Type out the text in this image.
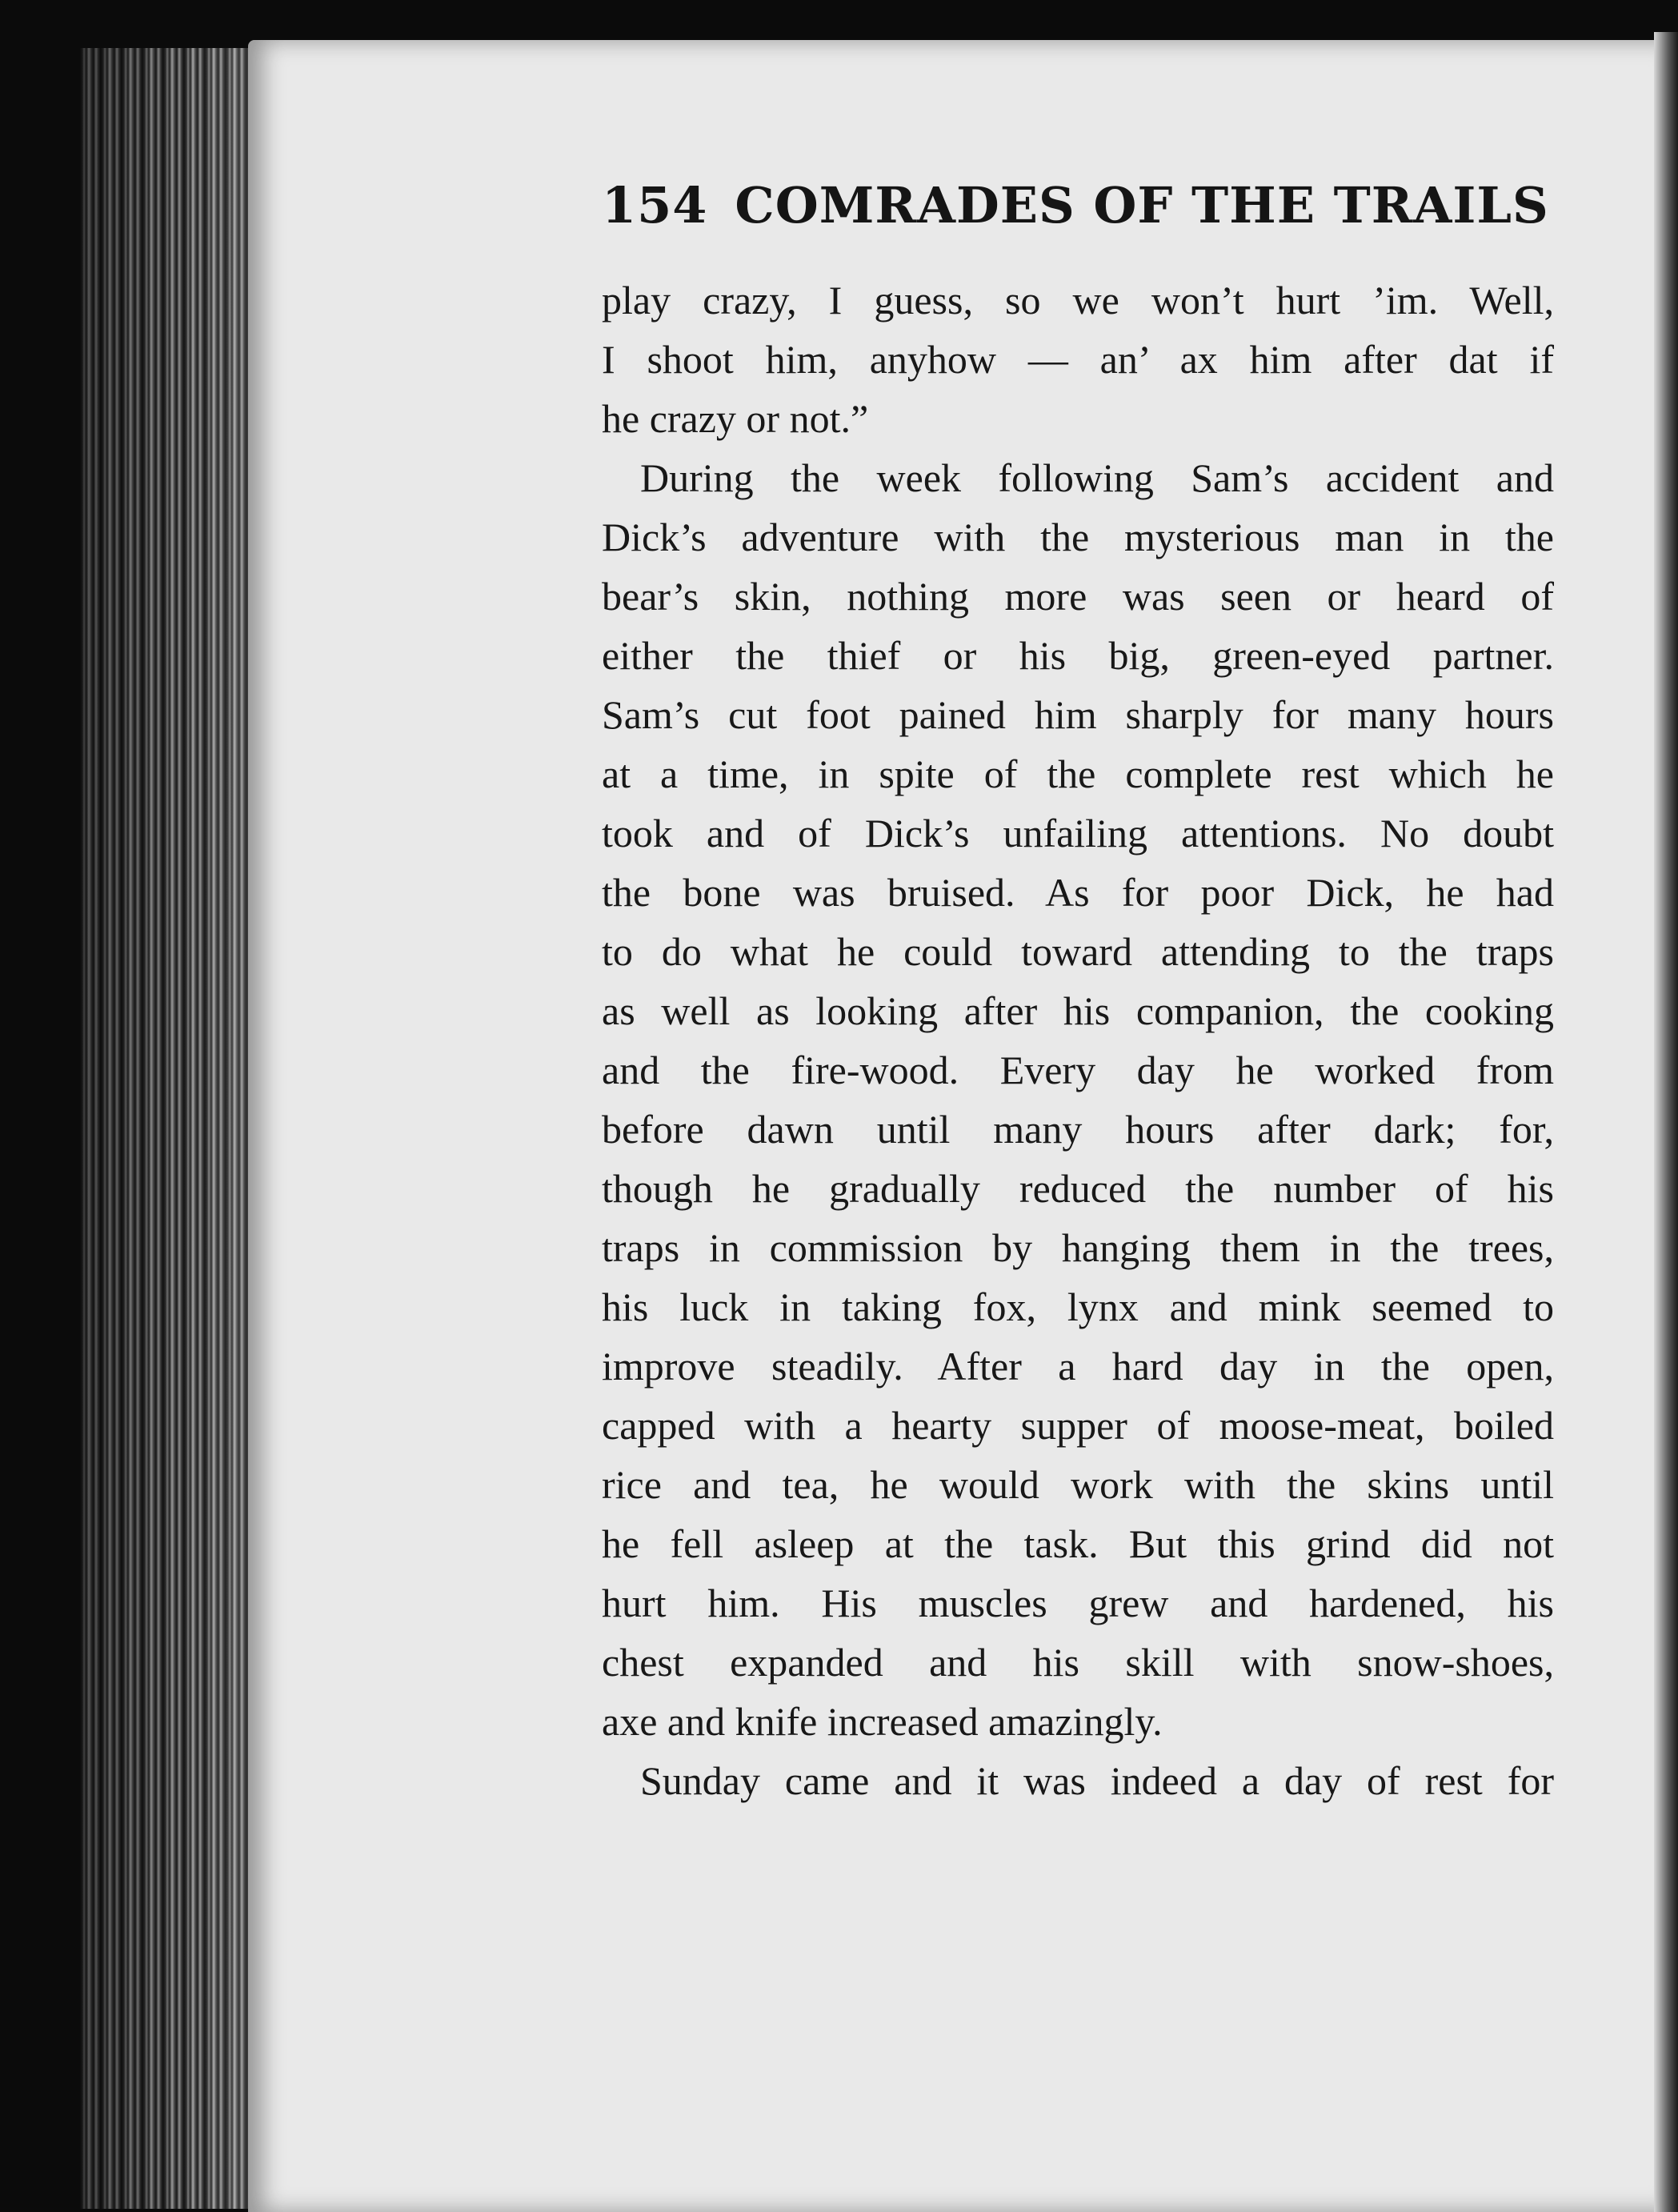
154 COMRADES OF THE TRAILS
play crazy, I guess, so we won’t hurt ’im. Well,
I shoot him, anyhow — an’ ax him after dat if
he crazy or not.”
During the week following Sam’s accident and
Dick’s adventure with the mysterious man in the
bear’s skin, nothing more was seen or heard of
either the thief or his big, green-eyed partner.
Sam’s cut foot pained him sharply for many hours
at a time, in spite of the complete rest which he
took and of Dick’s unfailing attentions. No doubt
the bone was bruised. As for poor Dick, he had
to do what he could toward attending to the traps
as well as looking after his companion, the cooking
and the fire-wood. Every day he worked from
before dawn until many hours after dark; for,
though he gradually reduced the number of his
traps in commission by hanging them in the trees,
his luck in taking fox, lynx and mink seemed to
improve steadily. After a hard day in the open,
capped with a hearty supper of moose-meat, boiled
rice and tea, he would work with the skins until
he fell asleep at the task. But this grind did not
hurt him. His muscles grew and hardened, his
chest expanded and his skill with snow-shoes,
axe and knife increased amazingly.
Sunday came and it was indeed a day of rest for
